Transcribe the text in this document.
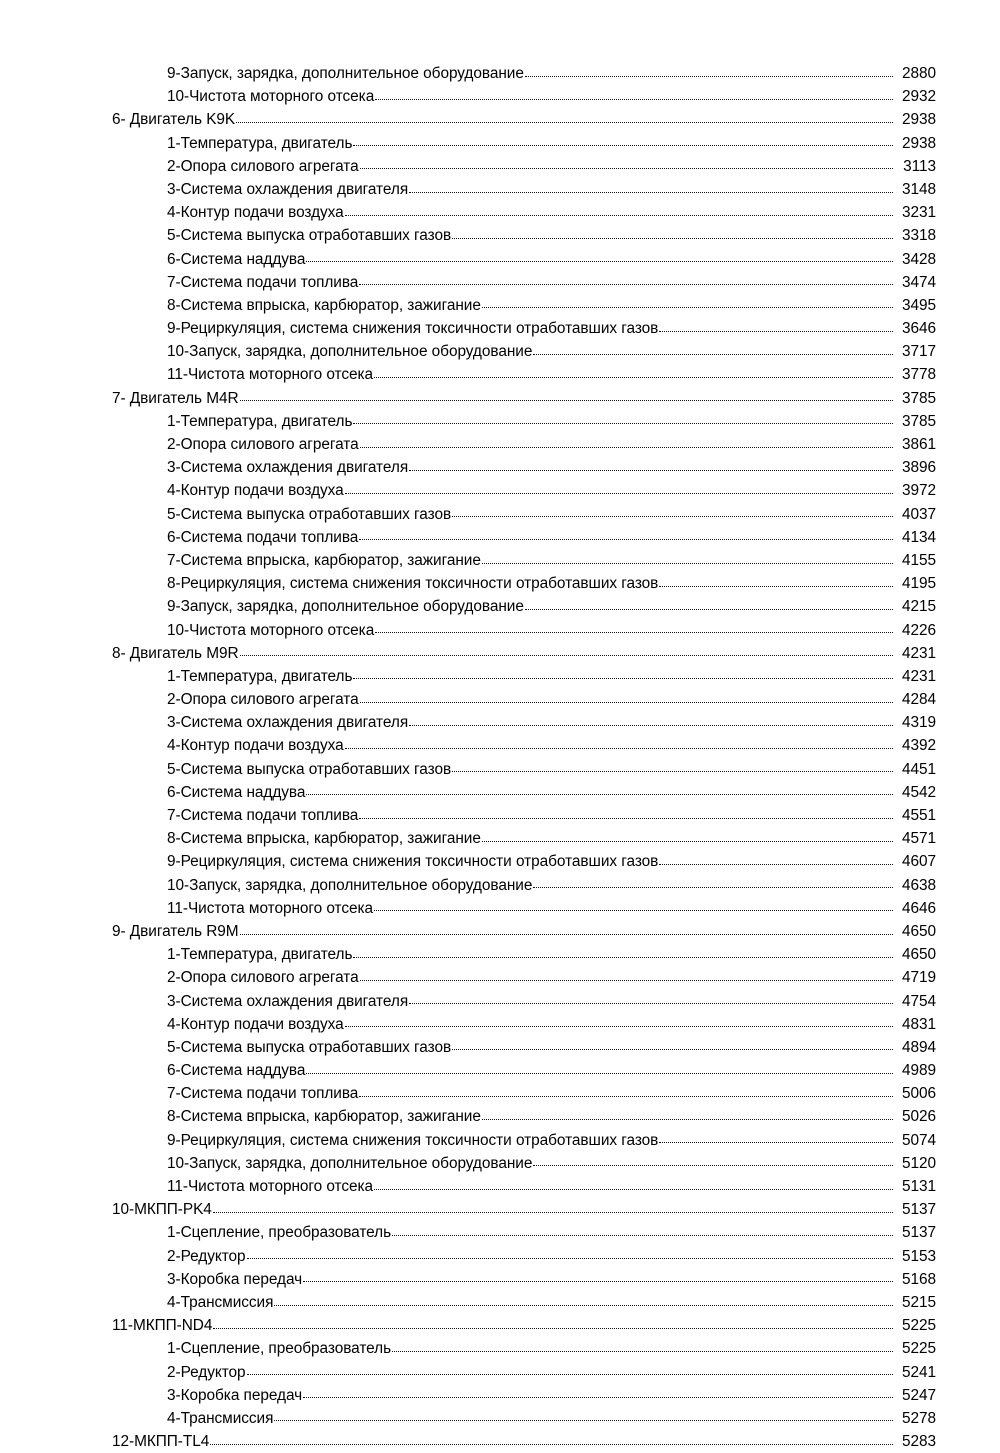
9-Запуск, зарядка, дополнительное оборудование	2880
10-Чистота моторного отсека	2932
6- Двигатель K9K	2938
1-Температура, двигатель	2938
2-Опора силового агрегата	3113
3-Система охлаждения двигателя	3148
4-Контур подачи воздуха	3231
5-Система выпуска отработавших газов	3318
6-Система наддува	3428
7-Система подачи топлива	3474
8-Система впрыска, карбюратор, зажигание	3495
9-Рециркуляция, система снижения токсичности отработавших газов	3646
10-Запуск, зарядка, дополнительное оборудование	3717
11-Чистота моторного отсека	3778
7- Двигатель M4R	3785
1-Температура, двигатель	3785
2-Опора силового агрегата	3861
3-Система охлаждения двигателя	3896
4-Контур подачи воздуха	3972
5-Система выпуска отработавших газов	4037
6-Система подачи топлива	4134
7-Система впрыска, карбюратор, зажигание	4155
8-Рециркуляция, система снижения токсичности отработавших газов	4195
9-Запуск, зарядка, дополнительное оборудование	4215
10-Чистота моторного отсека	4226
8- Двигатель M9R	4231
1-Температура, двигатель	4231
2-Опора силового агрегата	4284
3-Система охлаждения двигателя	4319
4-Контур подачи воздуха	4392
5-Система выпуска отработавших газов	4451
6-Система наддува	4542
7-Система подачи топлива	4551
8-Система впрыска, карбюратор, зажигание	4571
9-Рециркуляция, система снижения токсичности отработавших газов	4607
10-Запуск, зарядка, дополнительное оборудование	4638
11-Чистота моторного отсека	4646
9- Двигатель R9M	4650
1-Температура, двигатель	4650
2-Опора силового агрегата	4719
3-Система охлаждения двигателя	4754
4-Контур подачи воздуха	4831
5-Система выпуска отработавших газов	4894
6-Система наддува	4989
7-Система подачи топлива	5006
8-Система впрыска, карбюратор, зажигание	5026
9-Рециркуляция, система снижения токсичности отработавших газов	5074
10-Запуск, зарядка, дополнительное оборудование	5120
11-Чистота моторного отсека	5131
10-МКПП-PK4	5137
1-Сцепление, преобразователь	5137
2-Редуктор	5153
3-Коробка передач	5168
4-Трансмиссия	5215
11-МКПП-ND4	5225
1-Сцепление, преобразователь	5225
2-Редуктор	5241
3-Коробка передач	5247
4-Трансмиссия	5278
12-МКПП-TL4	5283
